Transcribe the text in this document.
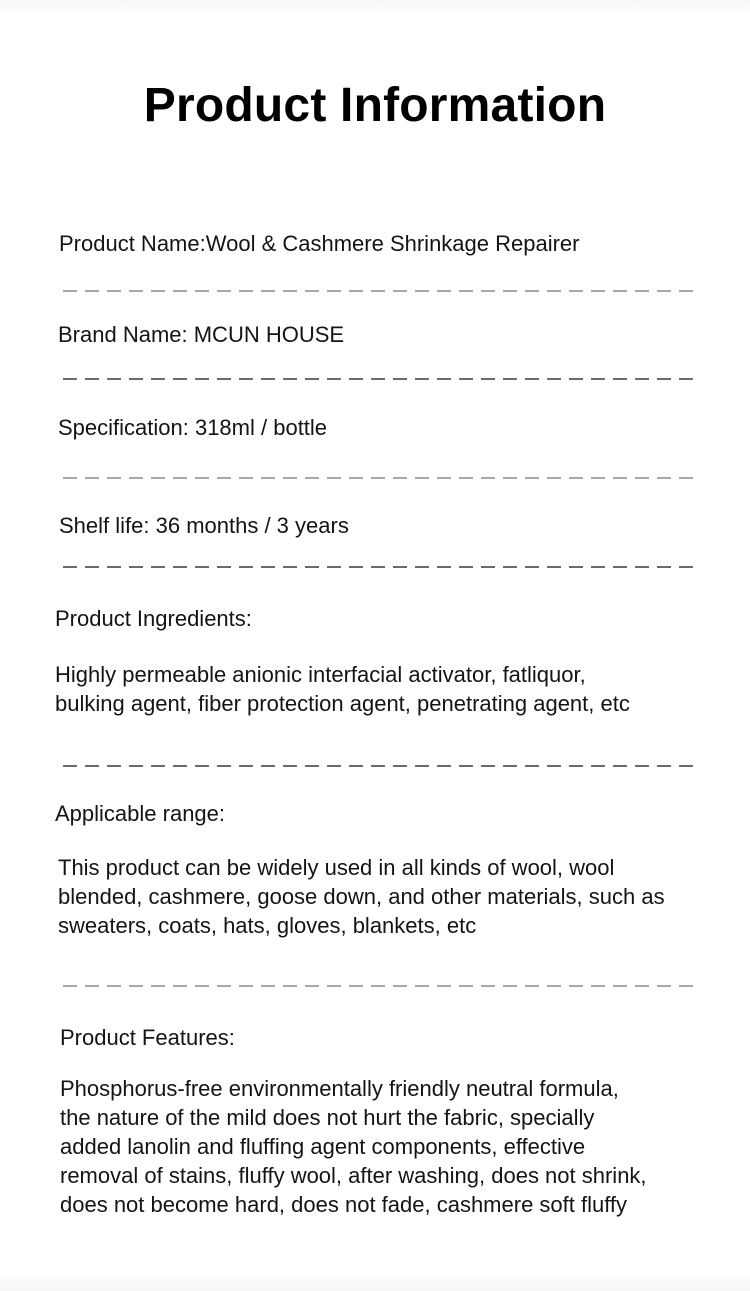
Product Information
Product Name:Wool & Cashmere Shrinkage Repairer
Brand Name: MCUN HOUSE
Specification: 318ml / bottle
Shelf life: 36 months / 3 years
Product Ingredients:
Highly permeable anionic interfacial activator, fatliquor,
bulking agent, fiber protection agent, penetrating agent, etc
Applicable range:
This product can be widely used in all kinds of wool, wool
blended, cashmere, goose down, and other materials, such as
sweaters, coats, hats, gloves, blankets, etc
Product Features:
Phosphorus-free environmentally friendly neutral formula,
the nature of the mild does not hurt the fabric, specially
added lanolin and fluffing agent components, effective
removal of stains, fluffy wool, after washing, does not shrink,
does not become hard, does not fade, cashmere soft fluffy
